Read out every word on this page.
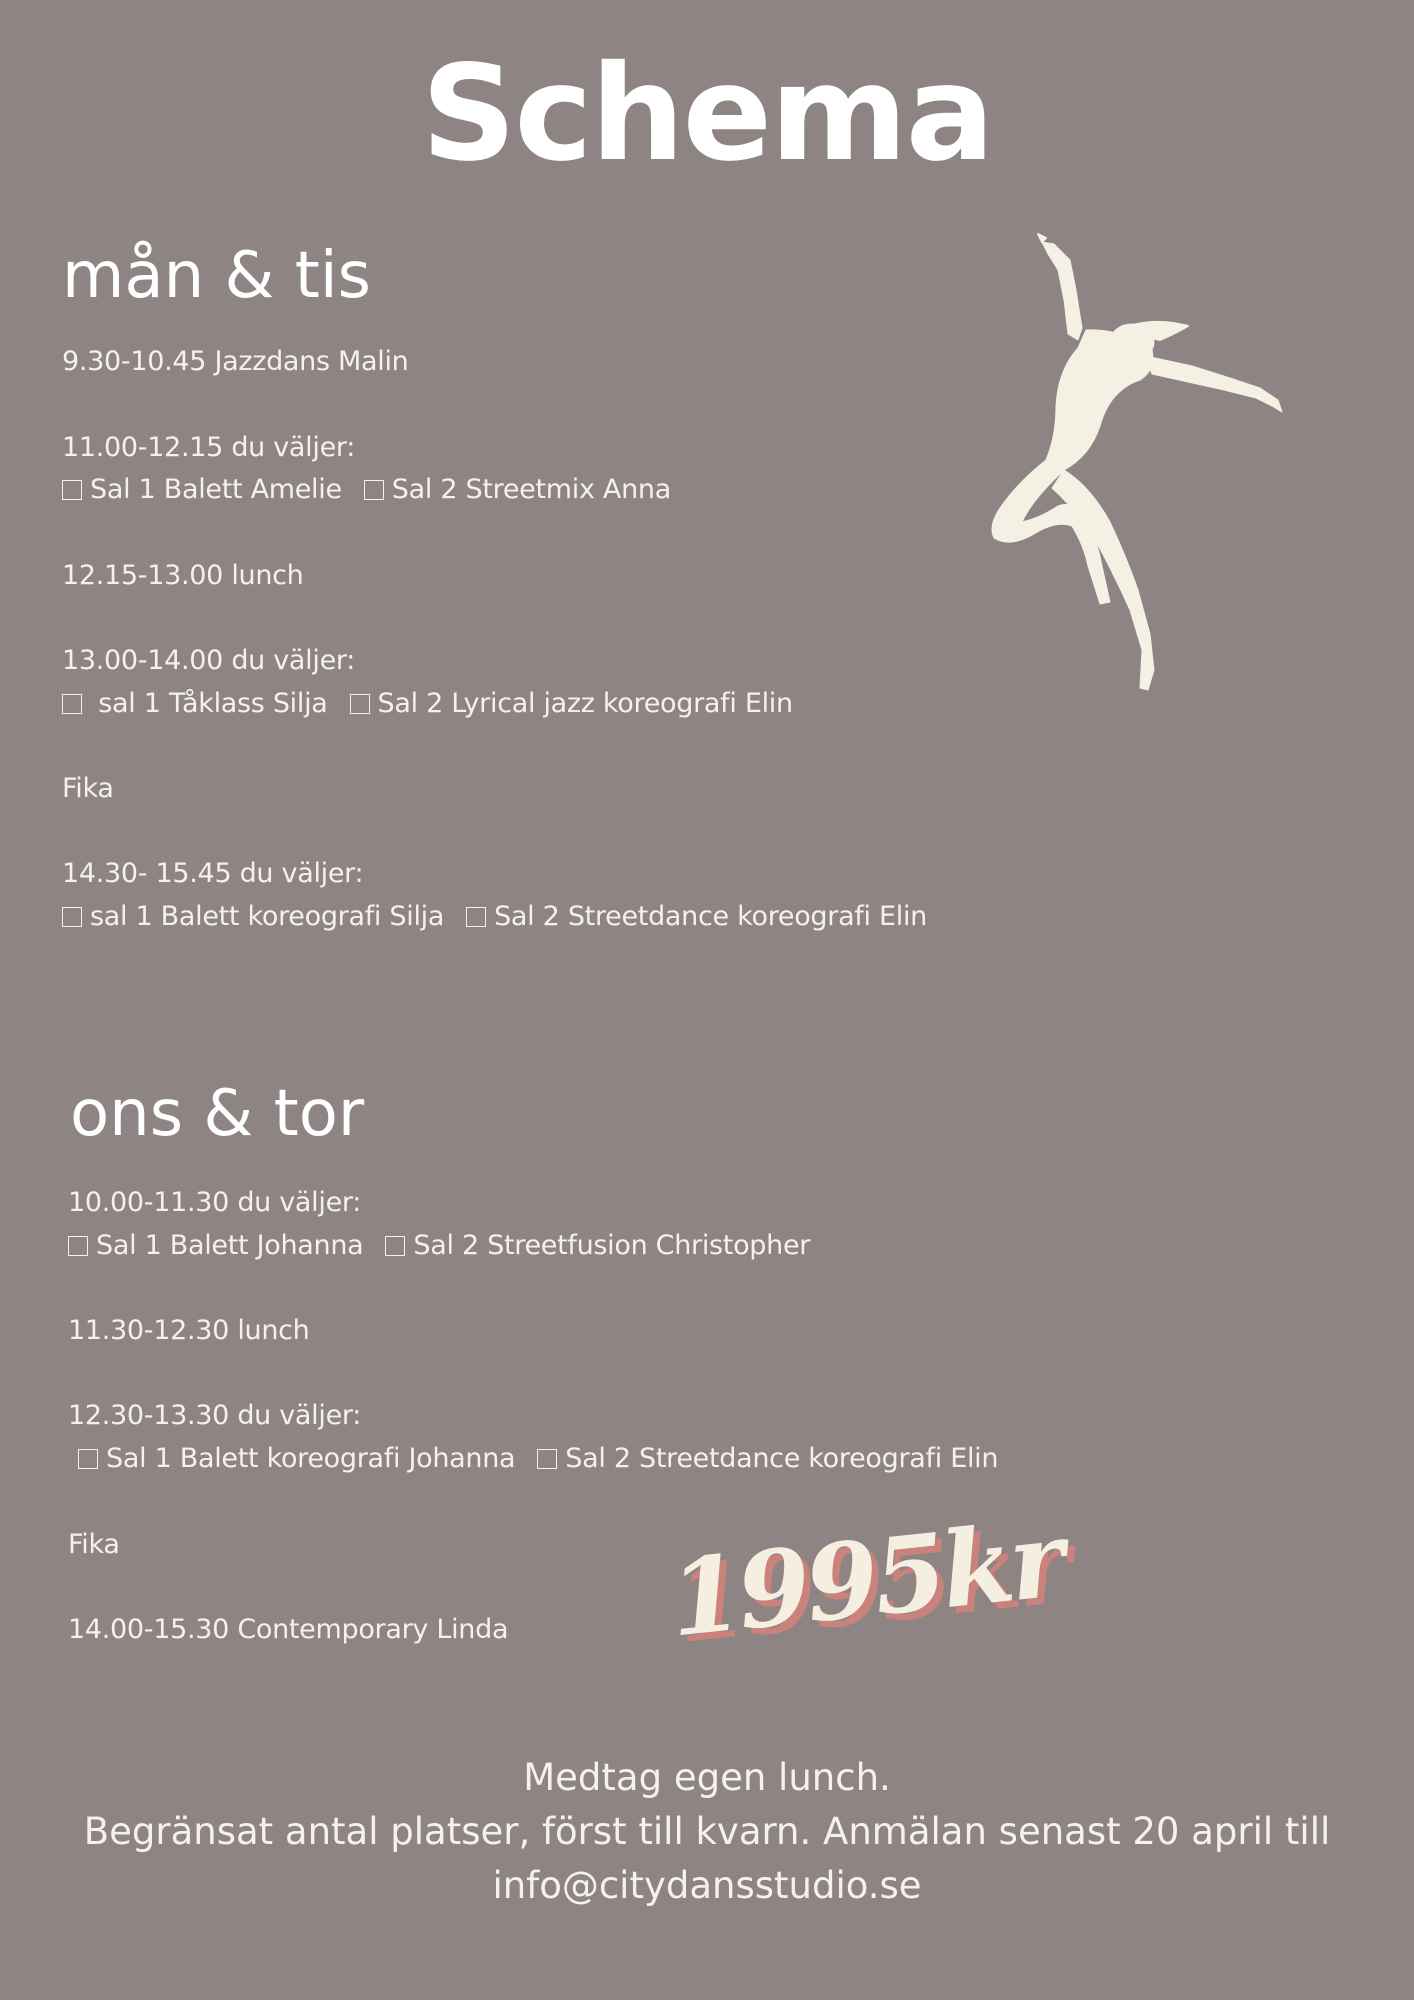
Schema
mån & tis
9.30-10.45 Jazzdans Malin
11.00-12.15 du väljer:
Sal 1 Balett Amelie Sal 2 Streetmix Anna
12.15-13.00 lunch
13.00-14.00 du väljer:
sal 1 Tåklass Silja Sal 2 Lyrical jazz koreografi Elin
Fika
14.30- 15.45 du väljer:
sal 1 Balett koreografi Silja Sal 2 Streetdance koreografi Elin
ons & tor
10.00-11.30 du väljer:
Sal 1 Balett Johanna Sal 2 Streetfusion Christopher
11.30-12.30 lunch
12.30-13.30 du väljer:
Sal 1 Balett koreografi Johanna Sal 2 Streetdance koreografi Elin
Fika
14.00-15.30 Contemporary Linda 1995kr
Medtag egen lunch.
Begränsat antal platser, först till kvarn. Anmälan senast 20 april till
info@citydansstudio.se
